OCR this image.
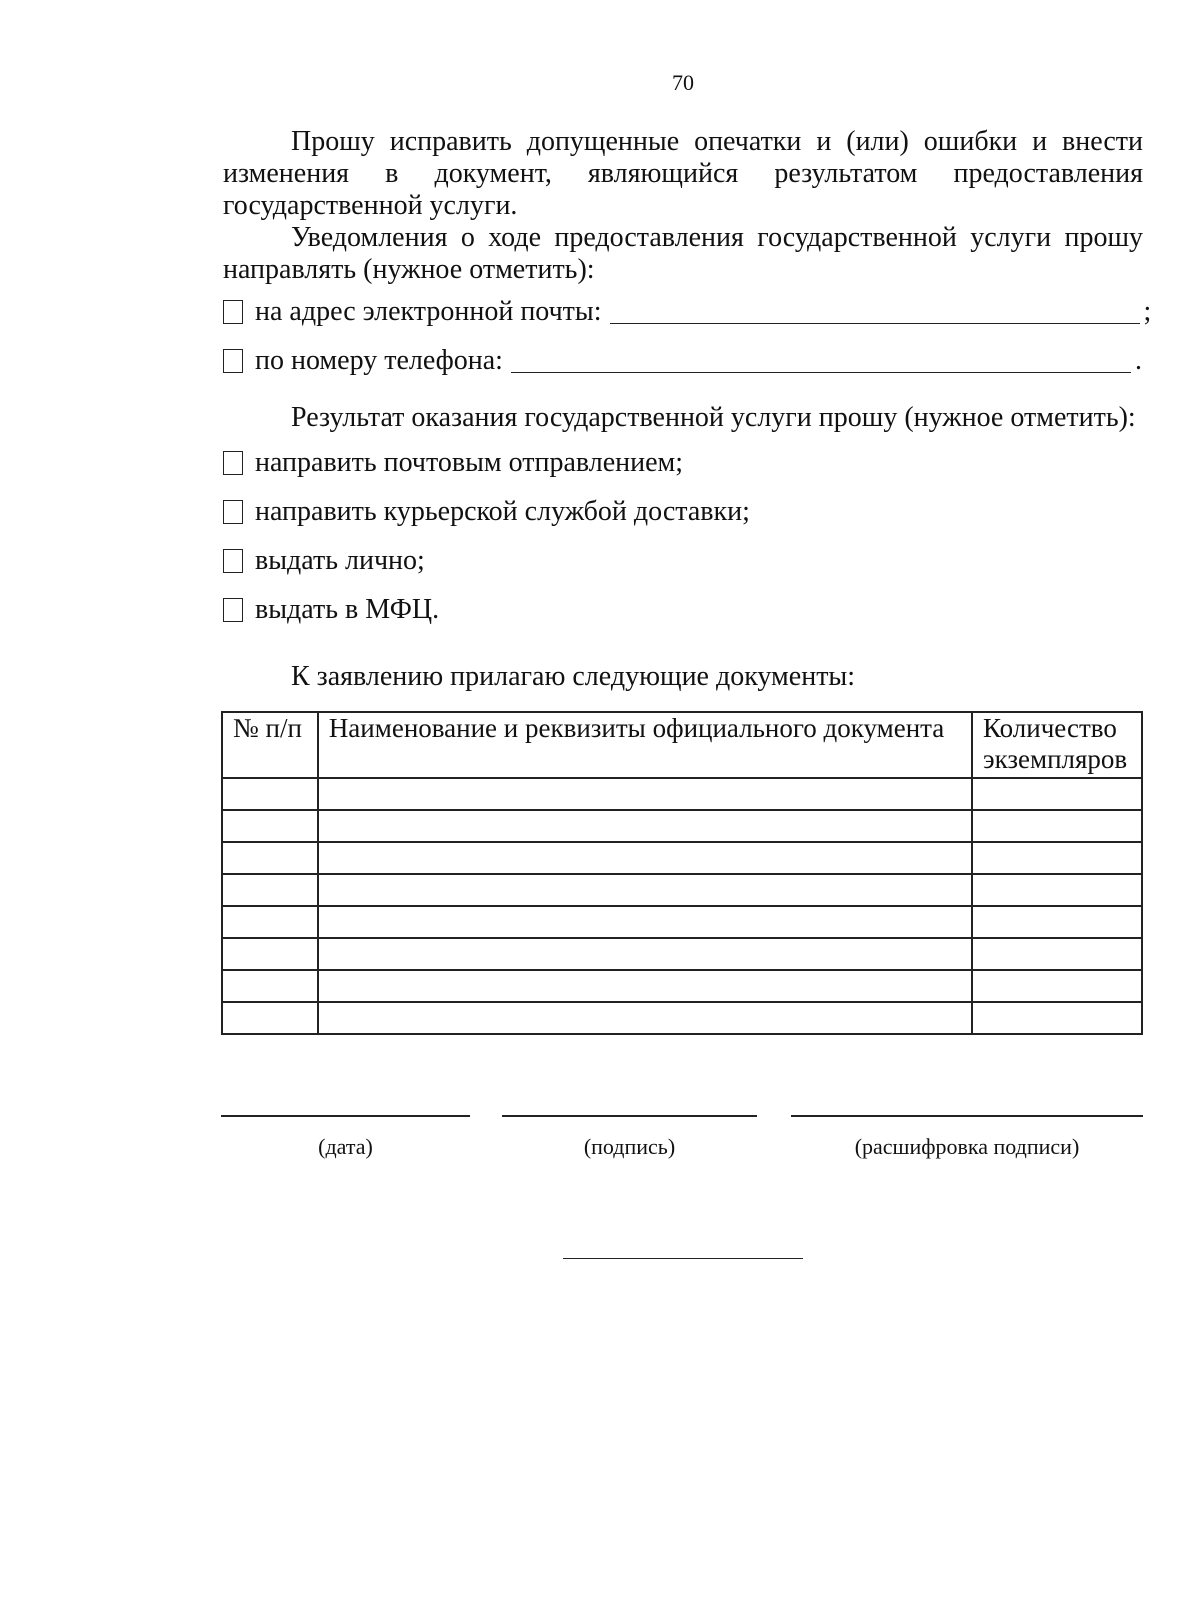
70
Прошу исправить допущенные опечатки и (или) ошибки и внести
изменения в документ, являющийся результатом предоставления
государственной услуги.
Уведомления о ходе предоставления государственной услуги прошу
направлять (нужное отметить):
на адрес электронной почты:	;
по номеру телефона:	.
Результат оказания государственной услуги прошу (нужное отметить):
направить почтовым отправлением;
направить курьерской службой доставки;
выдать лично;
выдать в МФЦ.
К заявлению прилагаю следующие документы:
№ п/п	Наименование и реквизиты официального документа	Количество экземпляров

(дата)	(подпись)	(расшифровка подписи)
